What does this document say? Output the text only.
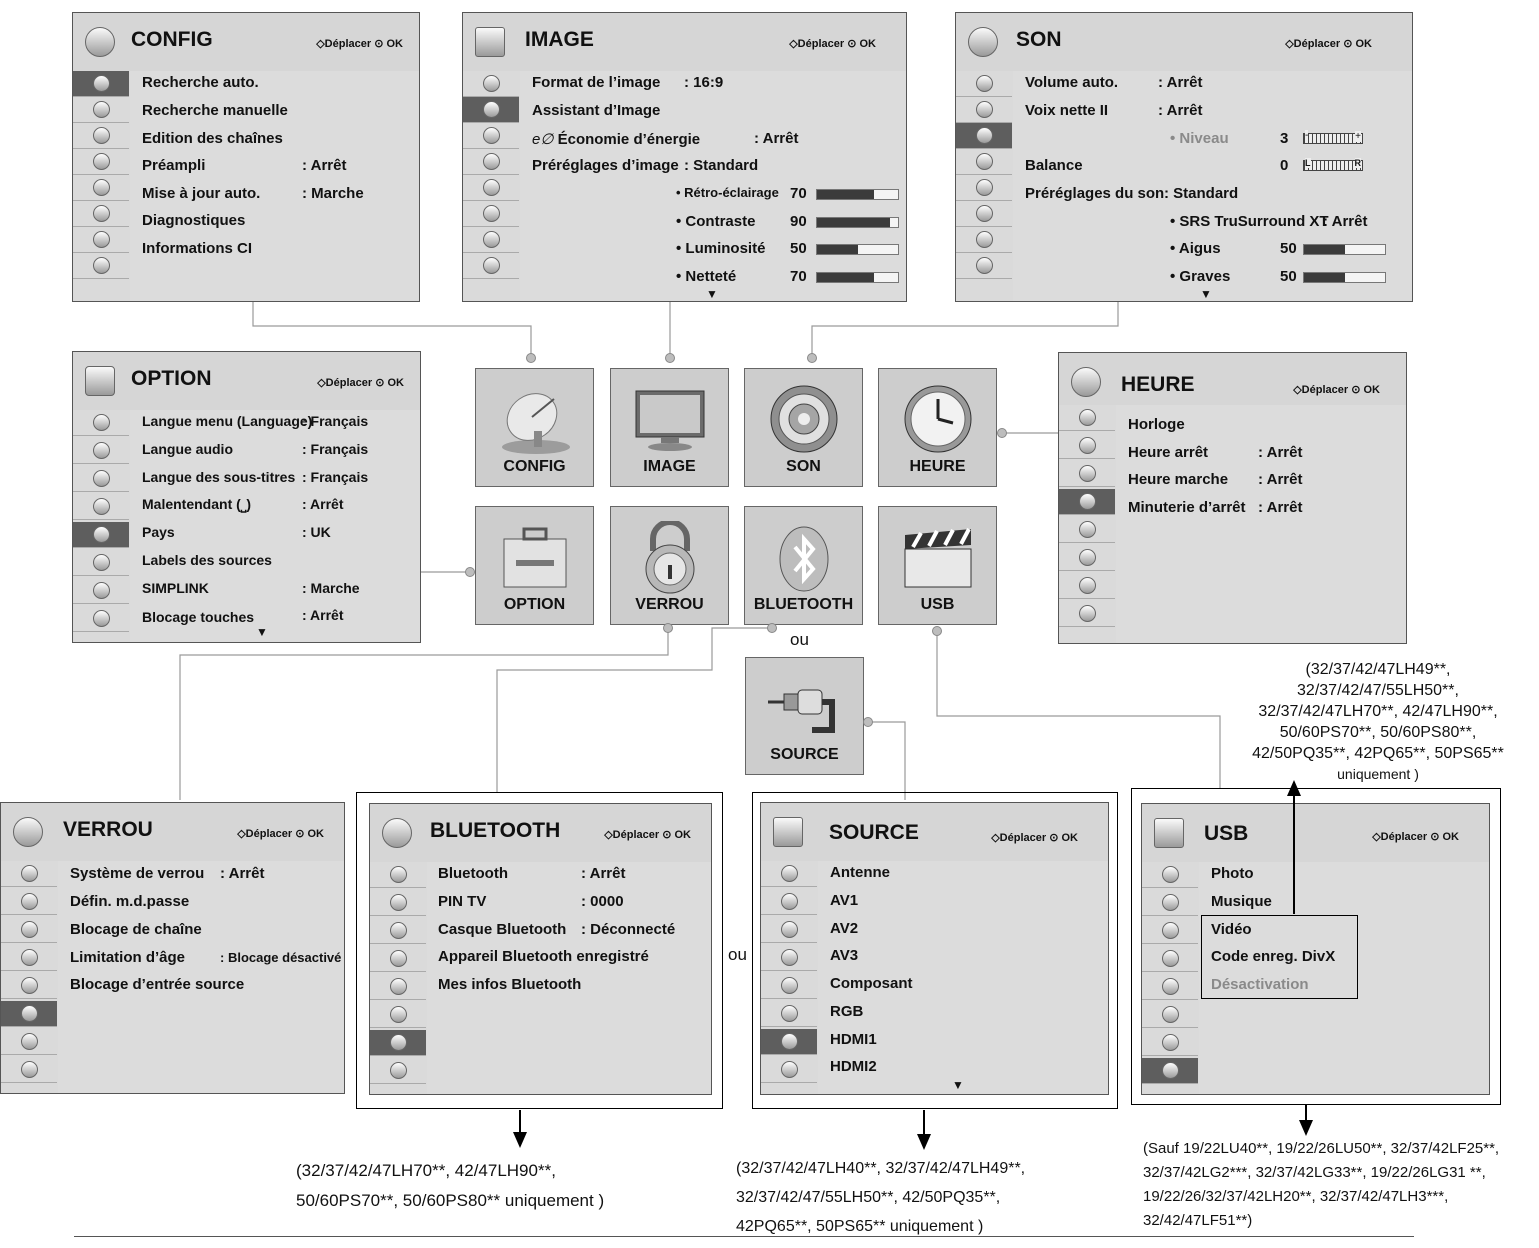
CONFIG	◇Déplacer ⊙ OK
Recherche auto.
Recherche manuelle
Edition des chaînes
Préampli	: Arrêt
Mise à jour auto.	: Marche
Diagnostiques
Informations CI
IMAGE	◇Déplacer ⊙ OK
Format de l’image : 16:9
Assistant d’Image
e∅ Économie d’énergie	: Arrêt
Préréglages d’image : Standard
• Rétro-éclairage 70
• Contraste 90
• Luminosité 50
• Netteté	70
▼
SON	◇Déplacer ⊙ OK
Volume auto.	: Arrêt
Voix nette II	: Arrêt
• Niveau	3 -	+
Balance	0 L	R
Préréglages du son : Standard
• SRS TruSurround XT
: Arrêt
• Aigus	50
• Graves	50
▼
OPTION	◇Déplacer ⊙ OK
Langue menu (Language)
: Français
Langue audio	: Français
Langue des sous-titres : Français
Malentendant (⎵)	: Arrêt
Pays	: UK
Labels des sources
SIMPLINK	: Marche
Blocage touches	: Arrêt
▼
HEURE	◇Déplacer ⊙ OK
Horloge
Heure arrêt	: Arrêt
Heure marche : Arrêt
Minuterie d’arrêt : Arrêt
CONFIG	IMAGE	SON	HEURE
OPTION	VERROU	BLUETOOTH	USB
ou
SOURCE
VERROU	◇Déplacer ⊙ OK
Système de verrou : Arrêt
Défin. m.d.passe
Blocage de chaîne
Limitation d’âge	: Blocage désactivé
Blocage d’entrée source
BLUETOOTH	◇Déplacer ⊙ OK
Bluetooth	: Arrêt
PIN TV	: 0000
Casque Bluetooth : Déconnecté
Appareil Bluetooth enregistré
Mes infos Bluetooth
ou
SOURCE	◇Déplacer ⊙ OK
Antenne
AV1
AV2
AV3
Composant
RGB
HDMI1
HDMI2
▼
USB	◇Déplacer ⊙ OK
Photo
Musique
Vidéo
Code enreg. DivX
Désactivation
(32/37/42/47LH49**,
32/37/42/47/55LH50**,
32/37/42/47LH70**, 42/47LH90**,
50/60PS70**, 50/60PS80**,
42/50PQ35**, 42PQ65**, 50PS65**
uniquement )
(32/37/42/47LH70**, 42/47LH90**,
50/60PS70**, 50/60PS80** uniquement )
(32/37/42/47LH40**, 32/37/42/47LH49**,
32/37/42/47/55LH50**, 42/50PQ35**,
42PQ65**, 50PS65** uniquement )
(Sauf 19/22LU40**, 19/22/26LU50**, 32/37/42LF25**,
32/37/42LG2***, 32/37/42LG33**, 19/22/26LG31 **,
19/22/26/32/37/42LH20**, 32/37/42/47LH3***,
32/42/47LF51**)
